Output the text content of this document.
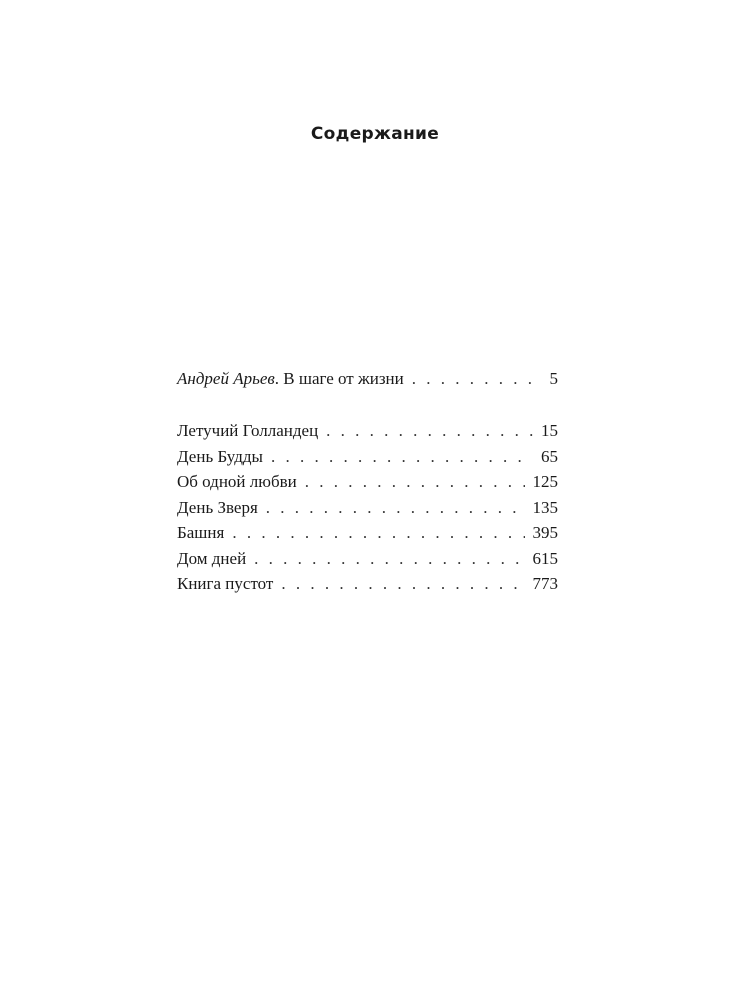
Содержание
Андрей Арьев. В шаге от жизни . . .	5
Летучий Голландец . . .	15
День Будды . . .	65
Об одной любви . . .	125
День Зверя . . .	135
Башня . . .	395
Дом дней . . .	615
Книга пустот . . .	773
